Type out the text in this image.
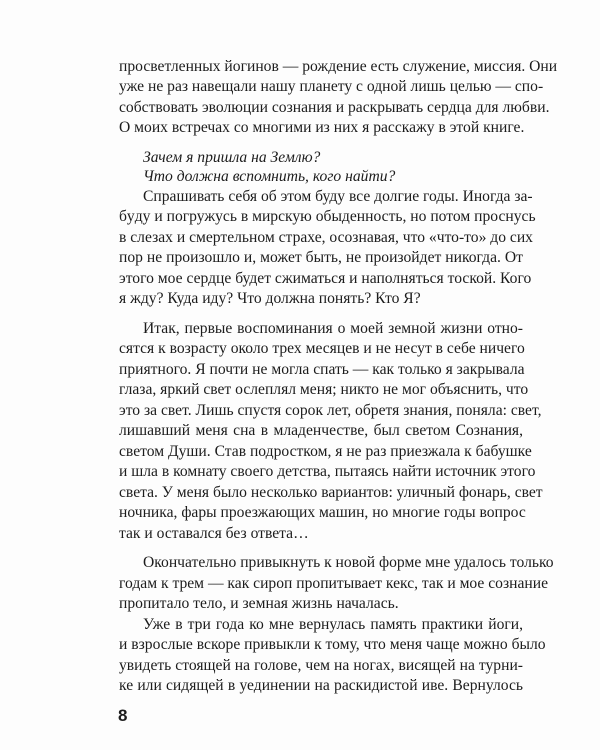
просветленных йогинов — рождение есть служение, миссия. Они
уже не раз навещали нашу планету с одной лишь целью — спо-
собствовать эволюции сознания и раскрывать сердца для любви.
О моих встречах со многими из них я расскажу в этой книге.
Зачем я пришла на Землю?
Что должна вспомнить, кого найти?
Спрашивать себя об этом буду все долгие годы. Иногда за-
бyду и погружусь в мирскую обыденность, но потом проснусь
в слезах и смертельном страхе, осознавая, что «что-то» до сих
пор не произошло и, может быть, не произойдет никогда. От
этого мое сердце будет сжиматься и наполняться тоской. Кого
я жду? Куда иду? Что должна понять? Кто Я?
Итак, первые воспоминания о моей земной жизни отно-
сятся к возрасту около трех месяцев и не несут в себе ничего
приятного. Я почти не могла спать — как только я закрывала
глаза, яркий свет ослеплял меня; никто не мог объяснить, что
это за свет. Лишь спустя сорок лет, обретя знания, поняла: свет,
лишавший меня сна в младенчестве, был светом Сознания,
светом Души. Став подростком, я не раз приезжала к бабушке
и шла в комнату своего детства, пытаясь найти источник этого
света. У меня было несколько вариантов: уличный фонарь, свет
ночника, фары проезжающих машин, но многие годы вопрос
так и оставался без ответа…
Окончательно привыкнуть к новой форме мне удалось только
годам к трем — как сироп пропитывает кекс, так и мое сознание
пропитало тело, и земная жизнь началась.
Уже в три года ко мне вернулась память практики йоги,
и взрослые вскоре привыкли к тому, что меня чаще можно было
увидеть стоящей на голове, чем на ногах, висящей на турни-
ке или сидящей в уединении на раскидистой иве. Вернулось
8
